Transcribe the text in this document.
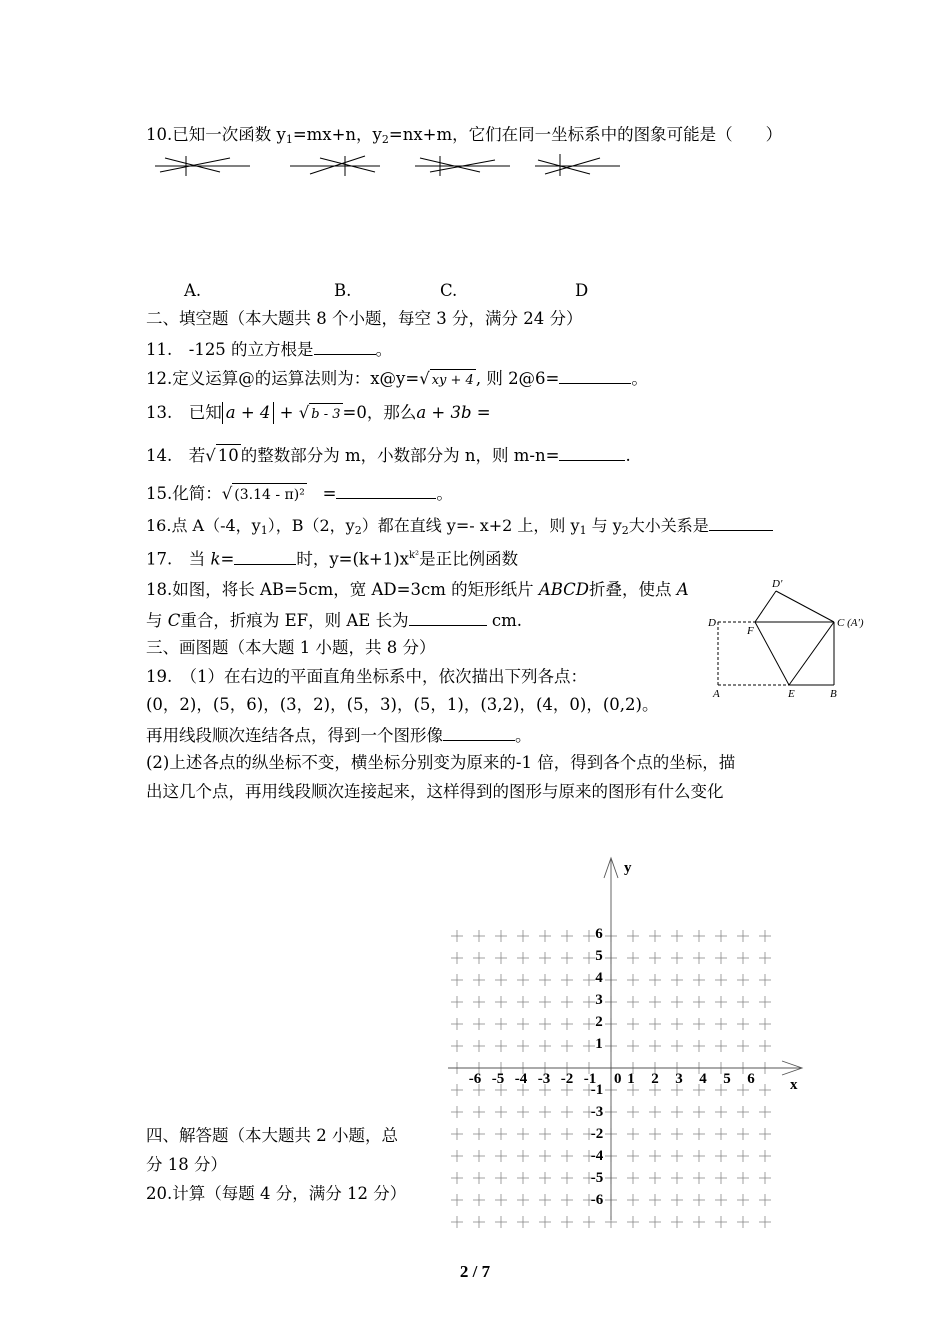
10.已知一次函数 $y_1=mx+n$，$y_2=nx+m$，它们在同一坐标系中的图象可能是（　　）
A.	B.	C.	D
二、填空题（本大题共 8 个小题，每空 3 分，满分 24 分）
11.　-125 的立方根是	。
12.定义运算@的运算法则为：x@y=√ xy + 4 , 则 2@6=	。
13.　已知 a + 4 + √ b - 3 =0，那么a + 3b =
14.　若√ 10 的整数部分为 m，小数部分为 n，则 m-n=	.
15.化简：√ (3.14 - π)² =	。
16.点 A（-4，$y_1$），B（2，$y_2$）都在直线 y=- x+2 上，则 $y_1$ 与 $y_2$大小关系是
17.　当 k=	时，$y=(k+1)x^{k^2}$是正比例函数
18.如图，将长 AB=5cm，宽 AD=3cm 的矩形纸片 ABCD折叠，使点 A
与 C重合，折痕为 EF，则 AE 长为	cm.
D'
D
F
C (A')
A	E	B
三、画图题（本大题 1 小题，共 8 分）
19.　（1）在右边的平面直角坐标系中，依次描出下列各点：
(0，2)，(5，6)，(3，2)，(5，3)，(5，1)，(3,2)，(4，0)，(0,2)。
再用线段顺次连结各点，得到一个图形像	。
(2)上述各点的纵坐标不变，横坐标分别变为原来的-1 倍，得到各个点的坐标，描
出这几个点，再用线段顺次连接起来，这样得到的图形与原来的图形有什么变化
y
x
0
-6 -5 -4 -3 -2 -1 1 2 3 4 5 6
6
5
4
3
2
1
-1
-3
-2
-4
-5
-6
四、解答题（本大题共 2 小题，总
分 18 分）
20.计算（每题 4 分，满分 12 分）
2 / 7
